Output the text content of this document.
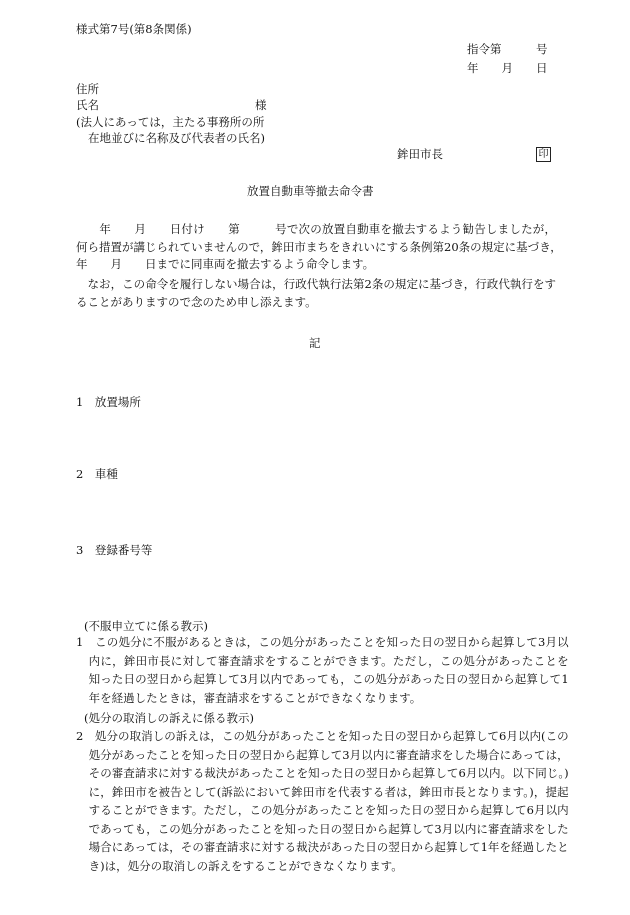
様式第7号(第8条関係)
指令第　　　号
年　　月　　日
住所
氏名	様
(法人にあっては，主たる事務所の所
在地並びに名称及び代表者の氏名)
鉾田市長	印
放置自動車等撤去命令書
　　年　　月　　日付け　　第　　　号で次の放置自動車を撤去するよう勧告しましたが，何ら措置が講じられていませんので，鉾田市まちをきれいにする条例第20条の規定に基づき，　　　　年　　月　　日までに同車両を撤去するよう命令します。
なお，この命令を履行しない場合は，行政代執行法第2条の規定に基づき，行政代執行をすることがありますので念のため申し添えます。
記
1　放置場所
2　車種
3　登録番号等
(不服申立てに係る教示)
1　この処分に不服があるときは，この処分があったことを知った日の翌日から起算して3月以内に，鉾田市長に対して審査請求をすることができます。ただし，この処分があったことを知った日の翌日から起算して3月以内であっても，この処分があった日の翌日から起算して1年を経過したときは，審査請求をすることができなくなります。
(処分の取消しの訴えに係る教示)
2　処分の取消しの訴えは，この処分があったことを知った日の翌日から起算して6月以内(この処分があったことを知った日の翌日から起算して3月以内に審査請求をした場合にあっては，その審査請求に対する裁決があったことを知った日の翌日から起算して6月以内。以下同じ。)に，鉾田市を被告として(訴訟において鉾田市を代表する者は，鉾田市長となります。)，提起することができます。ただし，この処分があったことを知った日の翌日から起算して6月以内であっても，この処分があったことを知った日の翌日から起算して3月以内に審査請求をした場合にあっては，その審査請求に対する裁決があった日の翌日から起算して1年を経過したとき)は，処分の取消しの訴えをすることができなくなります。
